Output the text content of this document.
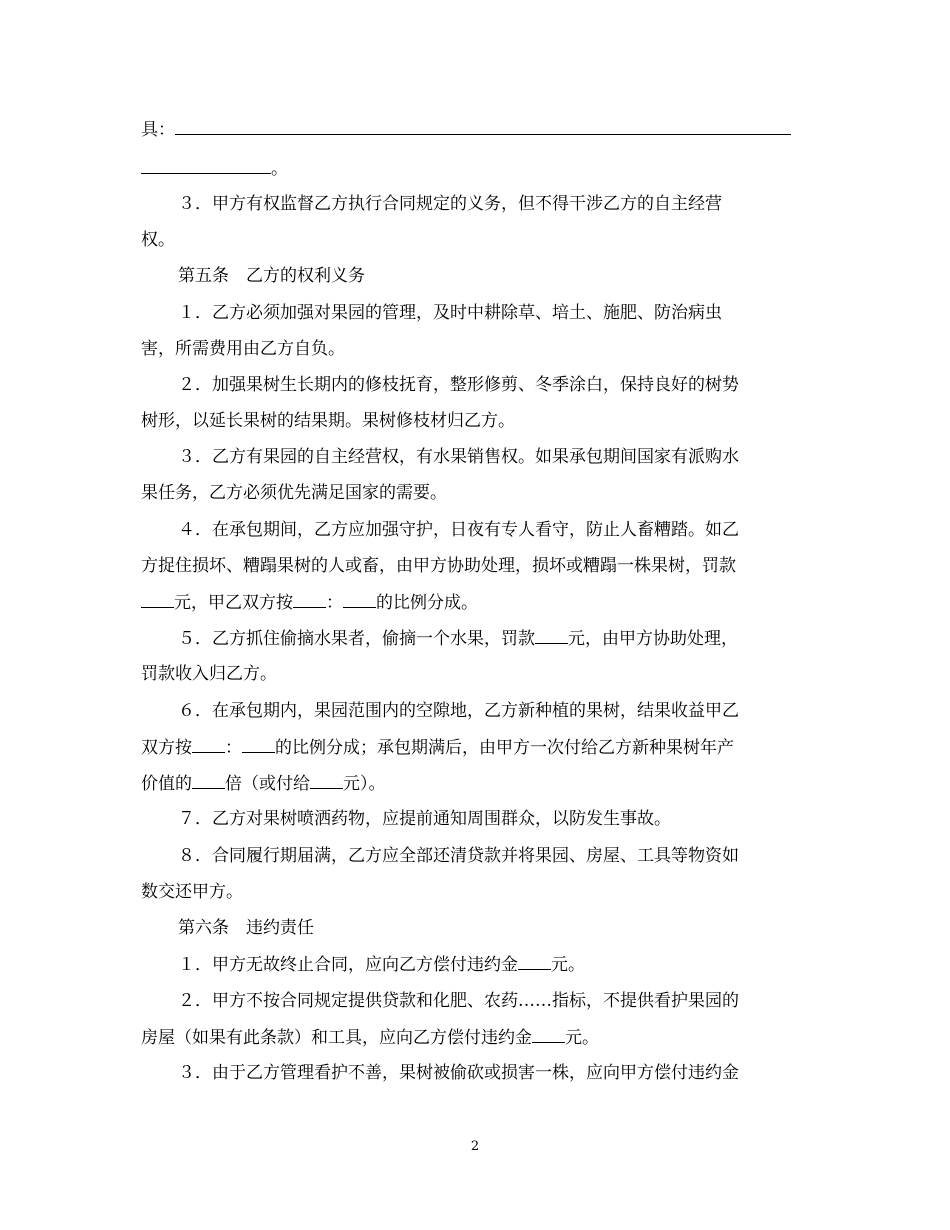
具：
。
３．甲方有权监督乙方执行合同规定的义务，但不得干涉乙方的自主经营
权。
第五条　乙方的权利义务
１．乙方必须加强对果园的管理，及时中耕除草、培土、施肥、防治病虫
害，所需费用由乙方自负。
２．加强果树生长期内的修枝抚育，整形修剪、冬季涂白，保持良好的树势
树形，以延长果树的结果期。果树修枝材归乙方。
３．乙方有果园的自主经营权，有水果销售权。如果承包期间国家有派购水
果任务，乙方必须优先满足国家的需要。
４．在承包期间，乙方应加强守护，日夜有专人看守，防止人畜糟踏。如乙
方捉住损坏、糟蹋果树的人或畜，由甲方协助处理，损坏或糟蹋一株果树，罚款
元，甲乙双方按 ： 的比例分成。
５．乙方抓住偷摘水果者，偷摘一个水果，罚款 元，由甲方协助处理，
罚款收入归乙方。
６．在承包期内，果园范围内的空隙地，乙方新种植的果树，结果收益甲乙
双方按 ： 的比例分成；承包期满后，由甲方一次付给乙方新种果树年产
价值的 倍（或付给 元）。
７．乙方对果树喷洒药物，应提前通知周围群众，以防发生事故。
８．合同履行期届满，乙方应全部还清贷款并将果园、房屋、工具等物资如
数交还甲方。
第六条　违约责任
１．甲方无故终止合同，应向乙方偿付违约金 元。
２．甲方不按合同规定提供贷款和化肥、农药……指标，不提供看护果园的
房屋（如果有此条款）和工具，应向乙方偿付违约金 元。
３．由于乙方管理看护不善，果树被偷砍或损害一株，应向甲方偿付违约金
2
